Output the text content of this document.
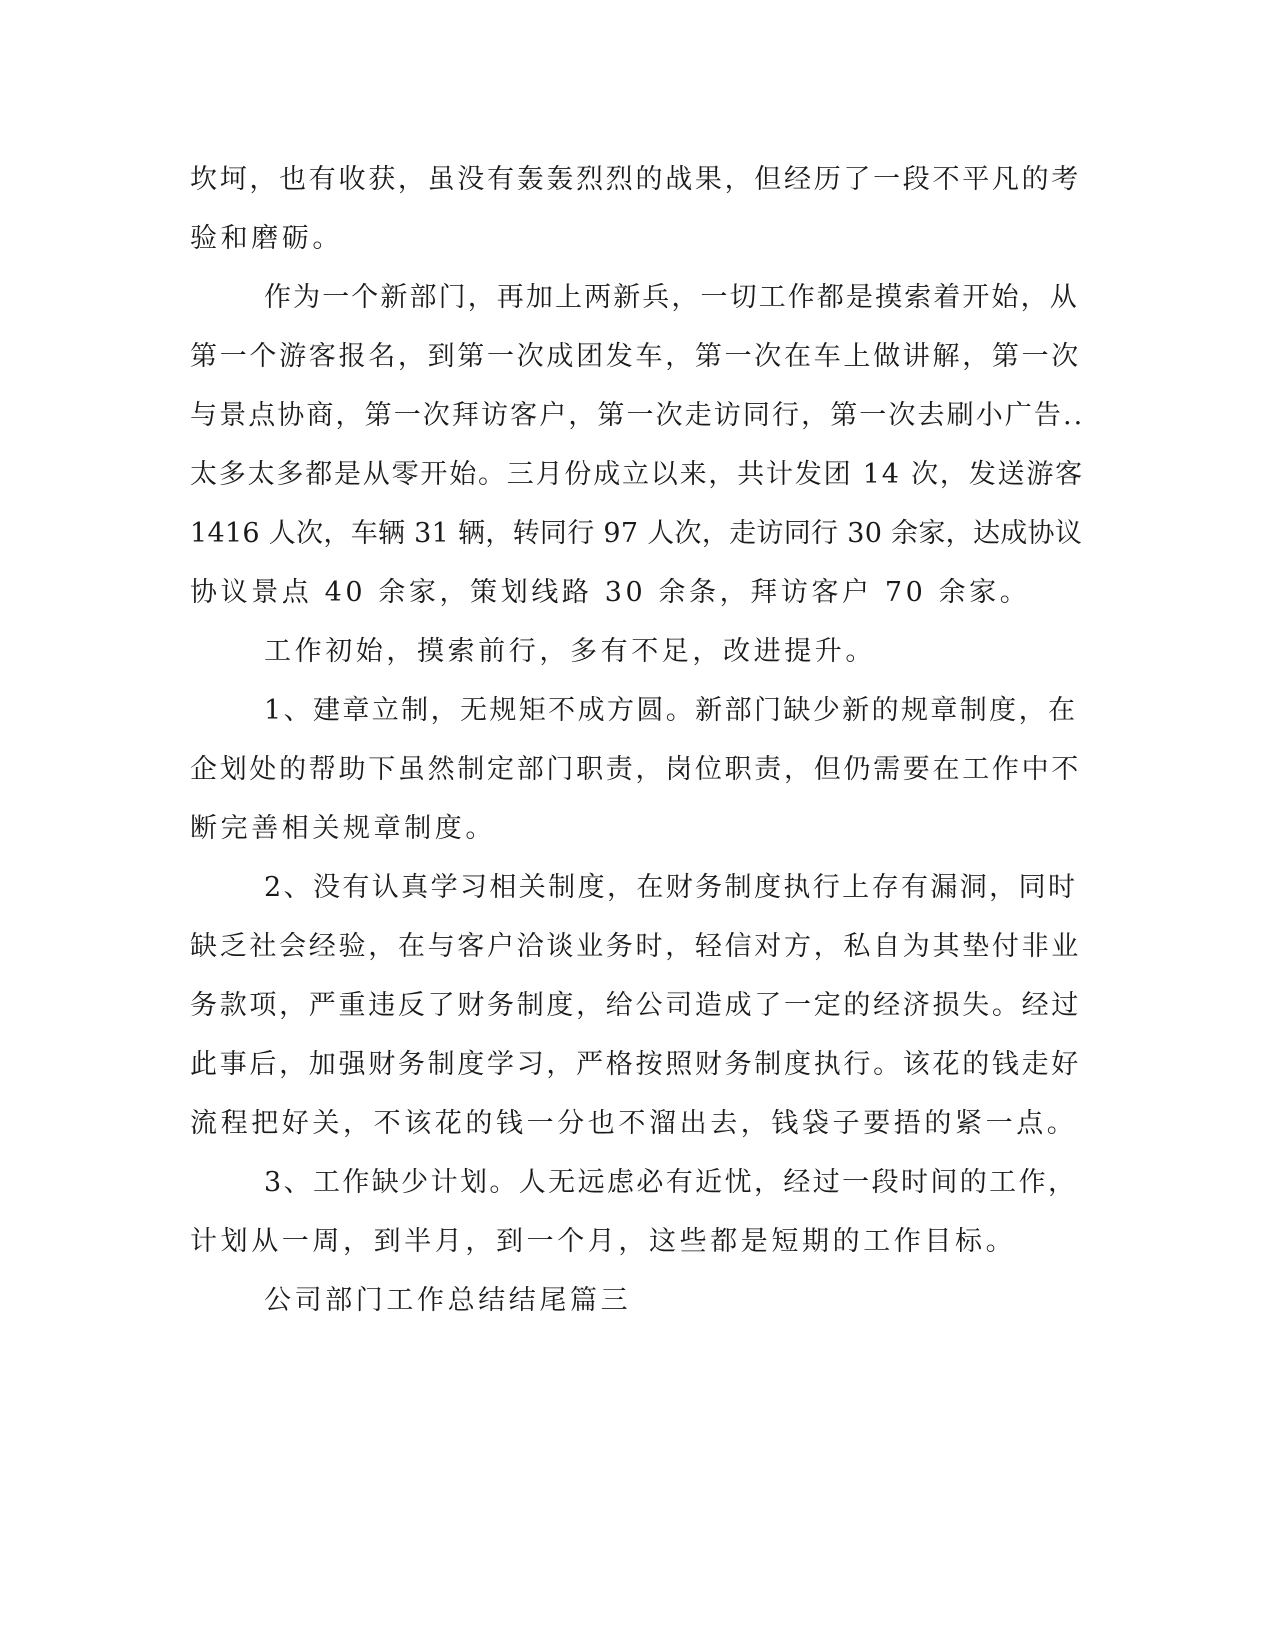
坎坷，也有收获，虽没有轰轰烈烈的战果，但经历了一段不平凡的考
验和磨砺。
作为一个新部门，再加上两新兵，一切工作都是摸索着开始，从
第一个游客报名，到第一次成团发车，第一次在车上做讲解，第一次
与景点协商，第一次拜访客户，第一次走访同行，第一次去刷小广告..
太多太多都是从零开始。三月份成立以来，共计发团 14 次，发送游客
1416 人次，车辆 31 辆，转同行 97 人次，走访同行 30 余家，达成协议
协议景点 40 余家，策划线路 30 余条，拜访客户 70 余家。
工作初始，摸索前行，多有不足，改进提升。
1、建章立制，无规矩不成方圆。新部门缺少新的规章制度，在
企划处的帮助下虽然制定部门职责，岗位职责，但仍需要在工作中不
断完善相关规章制度。
2、没有认真学习相关制度，在财务制度执行上存有漏洞，同时
缺乏社会经验，在与客户洽谈业务时，轻信对方，私自为其垫付非业
务款项，严重违反了财务制度，给公司造成了一定的经济损失。经过
此事后，加强财务制度学习，严格按照财务制度执行。该花的钱走好
流程把好关，不该花的钱一分也不溜出去，钱袋子要捂的紧一点。
3、工作缺少计划。人无远虑必有近忧，经过一段时间的工作，
计划从一周，到半月，到一个月，这些都是短期的工作目标。
公司部门工作总结结尾篇三
